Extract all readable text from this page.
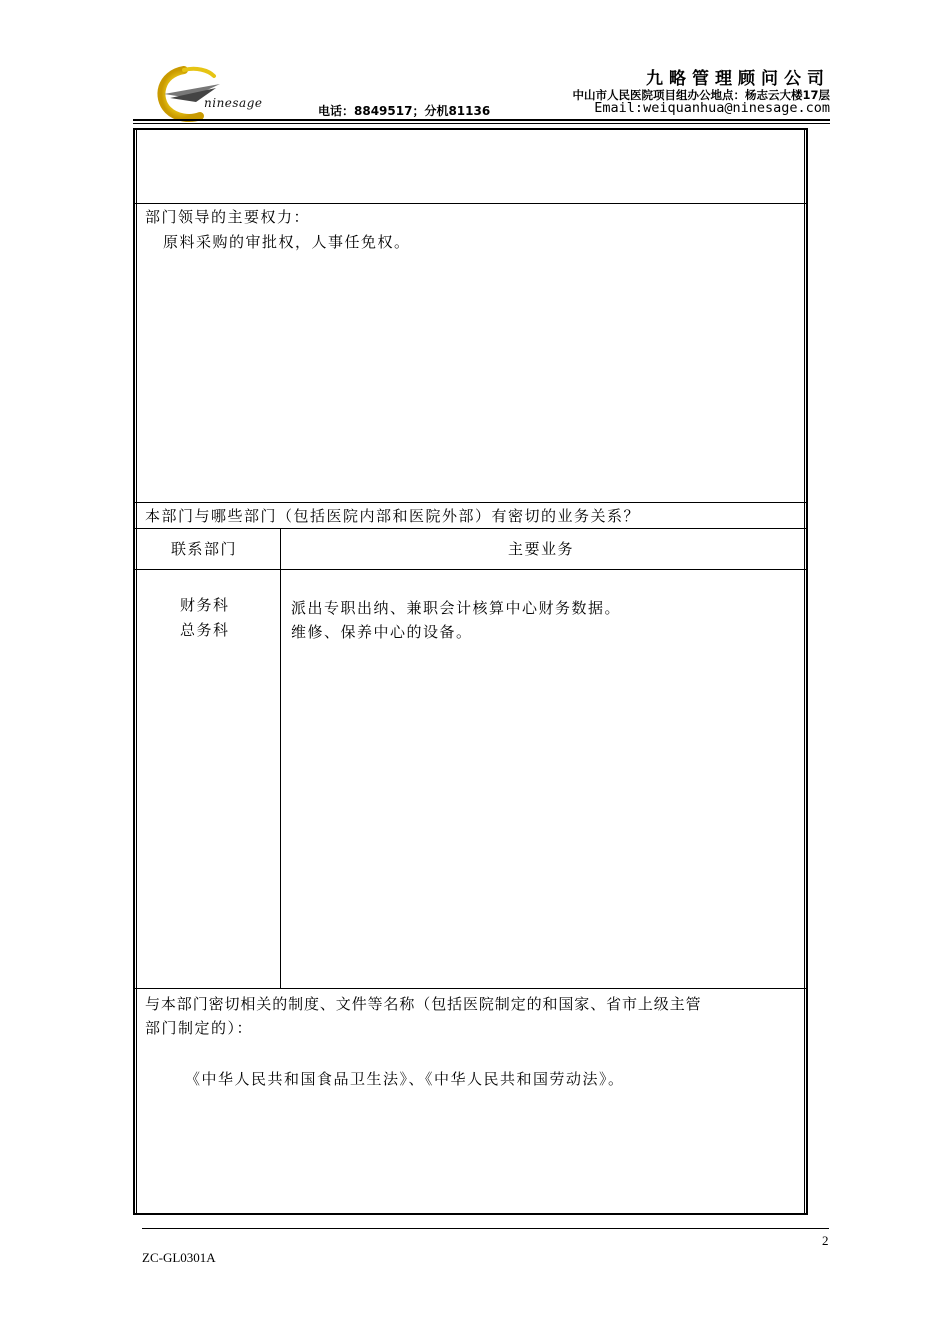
ninesage
九略管理顾问公司
中山市人民医院项目组办公地点：杨志云大楼17层
电话：8849517；分机81136	Email:weiquanhua@ninesage.com
部门领导的主要权力：
原料采购的审批权，人事任免权。
本部门与哪些部门（包括医院内部和医院外部）有密切的业务关系？
联系部门	主要业务
财务科
总务科
派出专职出纳、兼职会计核算中心财务数据。
维修、保养中心的设备。
与本部门密切相关的制度、文件等名称（包括医院制定的和国家、省市上级主管
部门制定的）：
《中华人民共和国食品卫生法》、《中华人民共和国劳动法》。
2
ZC-GL0301A
